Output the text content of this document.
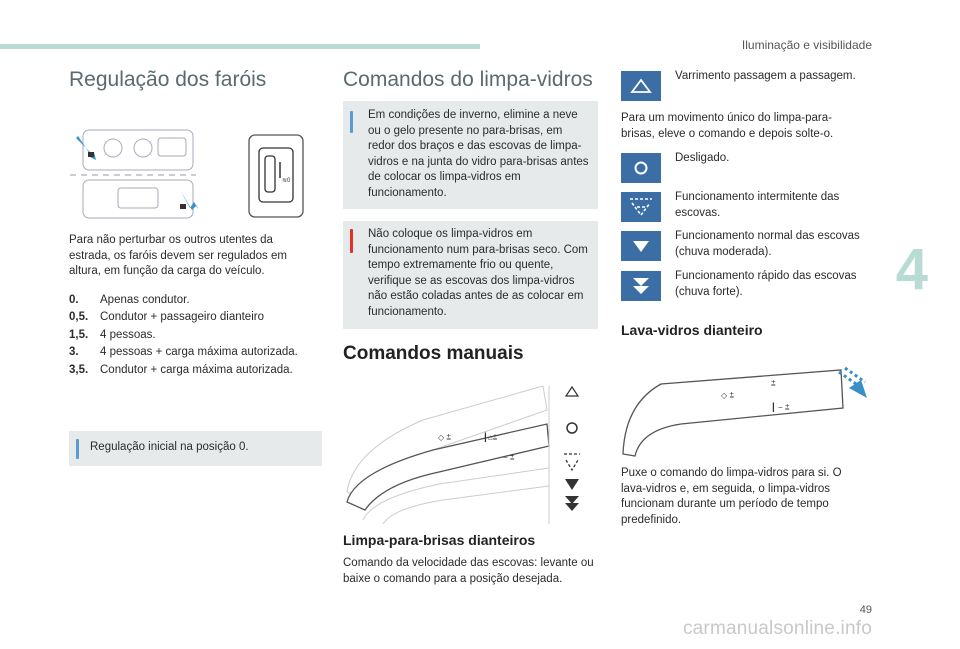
Iluminação e visibilidade
Regulação dos faróis
≋0
Para não perturbar os outros utentes da estrada, os faróis devem ser regulados em altura, em função da carga do veículo.
0.	Apenas condutor.
0,5.	Condutor + passageiro dianteiro
1,5.	4 pessoas.
3.	4 pessoas + carga máxima autorizada.
3,5.	Condutor + carga máxima autorizada.
Regulação inicial na posição 0.
Comandos do limpa-vidros
Em condições de inverno, elimine a neve ou o gelo presente no para-brisas, em redor dos braços e das escovas de limpa-vidros e na junta do vidro para-brisas antes de colocar os limpa-vidros em funcionamento.
Não coloque os limpa-vidros em funcionamento num para-brisas seco. Com tempo extremamente frio ou quente, verifique se as escovas dos limpa-vidros não estão coladas antes de as colocar em funcionamento.
Comandos manuais
◇ ⩲	┃⌂⩲
− ⩲
Limpa-para-brisas dianteiros
Comando da velocidade das escovas: levante ou baixe o comando para a posição desejada.
Varrimento passagem a passagem.
Para um movimento único do limpa-para-brisas, eleve o comando e depois solte-o.
Desligado.
Funcionamento intermitente das escovas.
Funcionamento normal das escovas (chuva moderada).
Funcionamento rápido das escovas (chuva forte).
Lava-vidros dianteiro
◇ ⩲
⩲
┃ − ⩲
Puxe o comando do limpa-vidros para si. O lava-vidros e, em seguida, o limpa-vidros funcionam durante um período de tempo predefinido.
4
49
carmanualsonline.info
